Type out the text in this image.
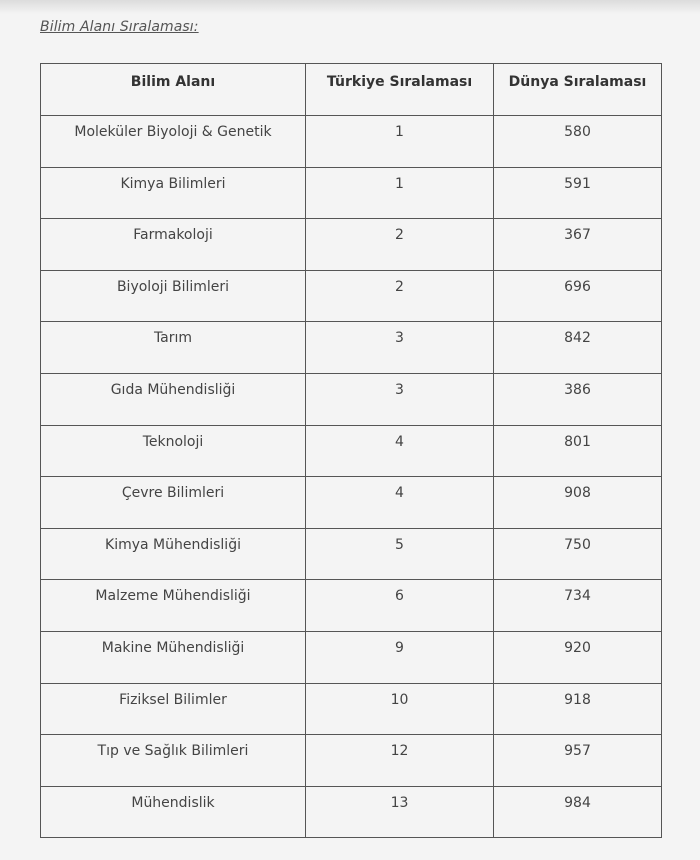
Bilim Alanı Sıralaması:
Bilim Alanı	Türkiye Sıralaması	Dünya Sıralaması
Moleküler Biyoloji & Genetik	1	580
Kimya Bilimleri	1	591
Farmakoloji	2	367
Biyoloji Bilimleri	2	696
Tarım	3	842
Gıda Mühendisliği	3	386
Teknoloji	4	801
Çevre Bilimleri	4	908
Kimya Mühendisliği	5	750
Malzeme Mühendisliği	6	734
Makine Mühendisliği	9	920
Fiziksel Bilimler	10	918
Tıp ve Sağlık Bilimleri	12	957
Mühendislik	13	984
